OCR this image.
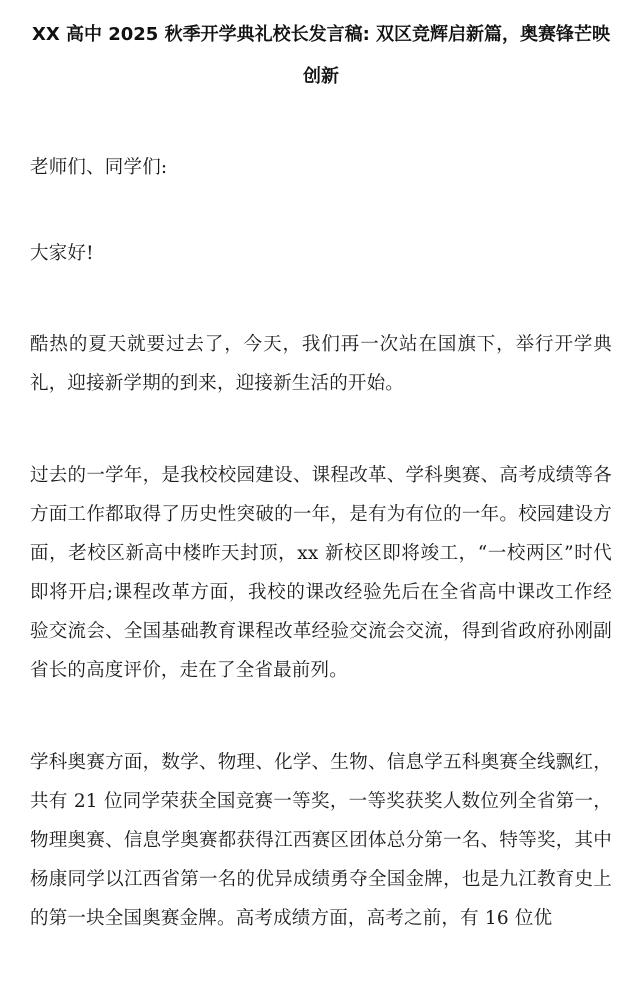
XX 高中 2025 秋季开学典礼校长发言稿: 双区竞辉启新篇，奥赛锋芒映创新

老师们、同学们:

大家好!

酷热的夏天就要过去了，今天，我们再一次站在国旗下，举行开学典礼，迎接新学期的到来，迎接新生活的开始。

过去的一学年，是我校校园建设、课程改革、学科奥赛、高考成绩等各方面工作都取得了历史性突破的一年，是有为有位的一年。校园建设方面，老校区新高中楼昨天封顶，xx 新校区即将竣工，“一校两区”时代即将开启;课程改革方面，我校的课改经验先后在全省高中课改工作经验交流会、全国基础教育课程改革经验交流会交流，得到省政府孙刚副省长的高度评价，走在了全省最前列。

学科奥赛方面，数学、物理、化学、生物、信息学五科奥赛全线飘红，共有 21 位同学荣获全国竞赛一等奖，一等奖获奖人数位列全省第一，物理奥赛、信息学奥赛都获得江西赛区团体总分第一名、特等奖，其中杨康同学以江西省第一名的优异成绩勇夺全国金牌，也是九江教育史上的第一块全国奥赛金牌。高考成绩方面，高考之前，有 16 位优
